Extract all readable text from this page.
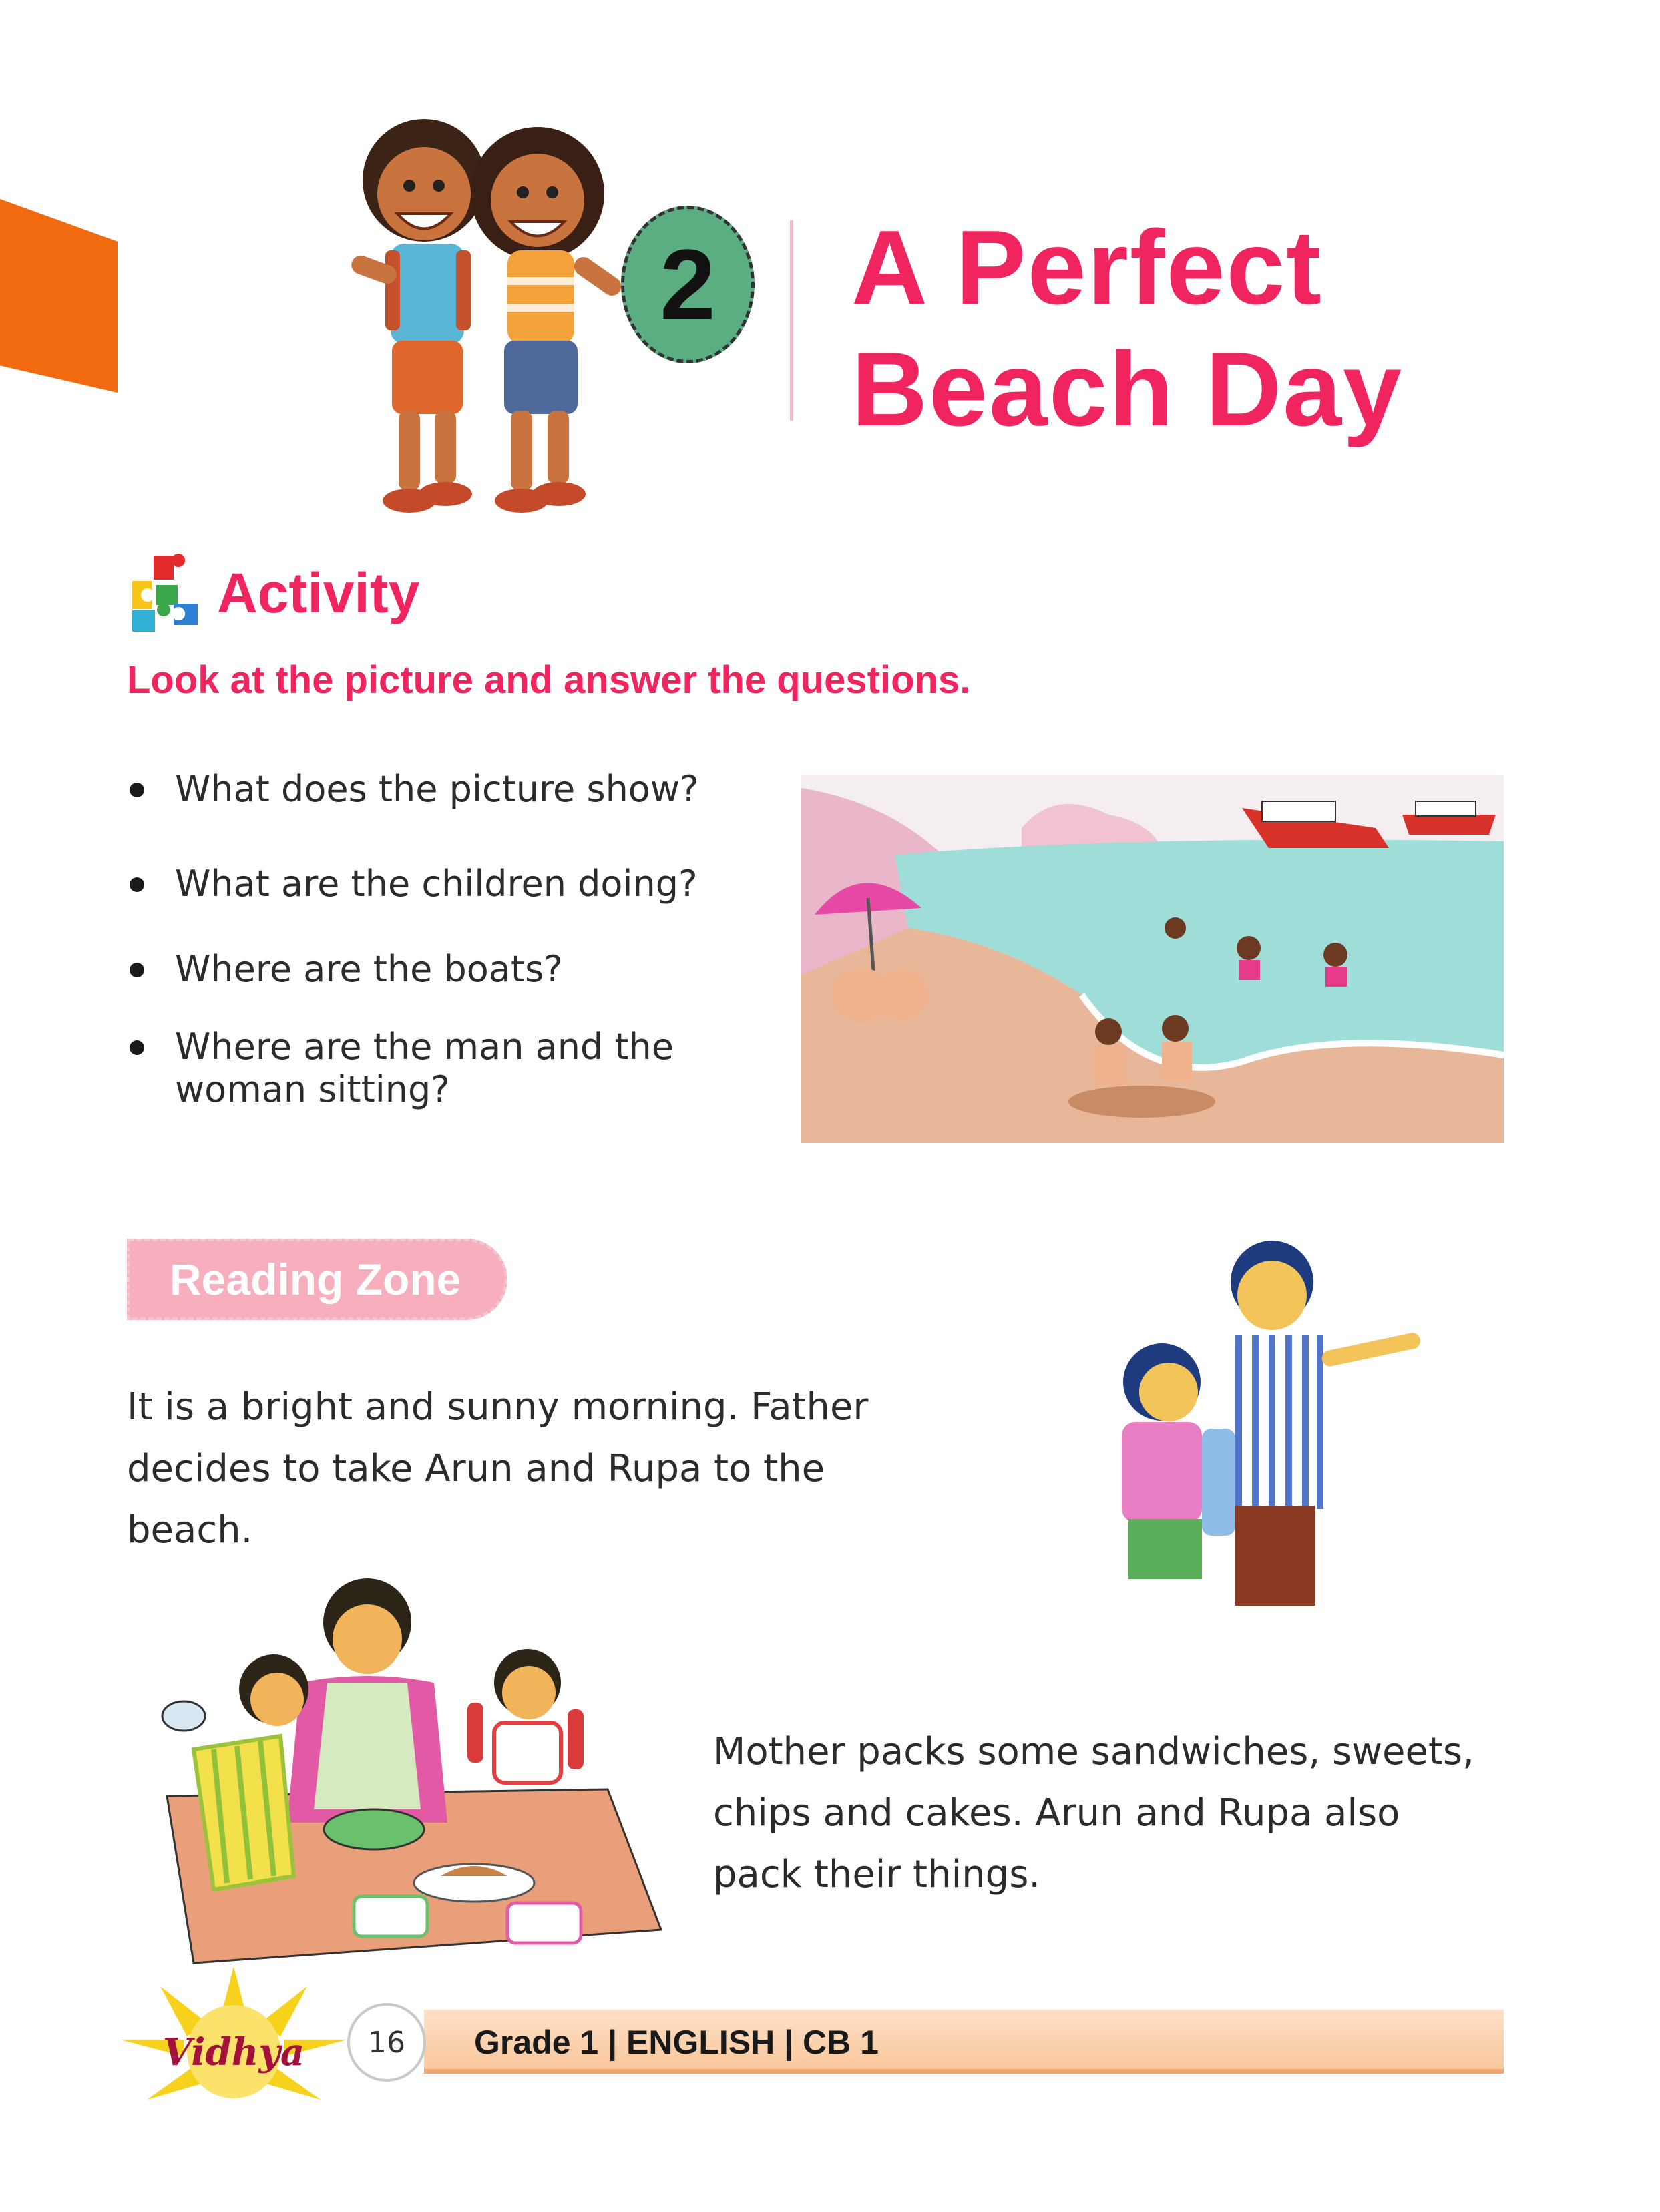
2	A Perfect
Beach Day
Activity
Look at the picture and answer the questions.
What does the picture show?
What are the children doing?
Where are the boats?
Where are the man and the woman sitting?
Reading Zone
It is a bright and sunny morning. Father
decides to take Arun and Rupa to the
beach.
Mother packs some sandwiches, sweets,
chips and cakes. Arun and Rupa also
pack their things.
Grade 1 | ENGLISH | CB 1
16
Vidhya
